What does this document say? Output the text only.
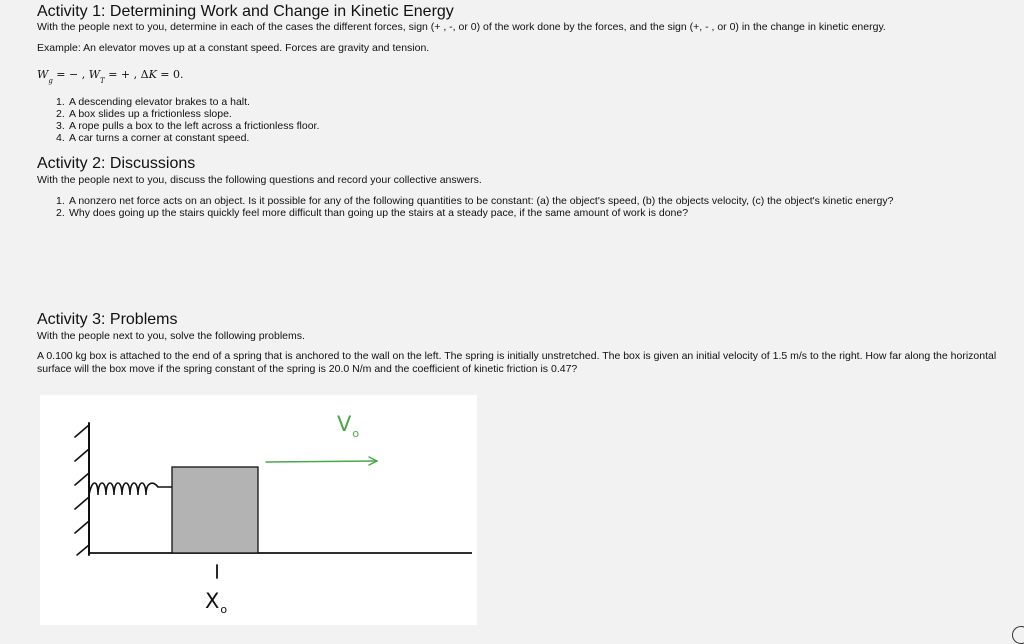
Activity 1: Determining Work and Change in Kinetic Energy

With the people next to you, determine in each of the cases the different forces, sign (+ , -, or 0) of the work done by the forces, and the sign (+, - , or 0) in the change in kinetic energy.

Example: An elevator moves up at a constant speed. Forces are gravity and tension.

$W_g$ = − , $W_T$ = + , ΔK = 0.
1. A descending elevator brakes to a halt.
2. A box slides up a frictionless slope.
3. A rope pulls a box to the left across a frictionless floor.
4. A car turns a corner at constant speed.
Activity 2: Discussions

With the people next to you, discuss the following questions and record your collective answers.

1. A nonzero net force acts on an object. Is it possible for any of the following quantities to be constant: (a) the object's speed, (b) the objects velocity, (c) the object's kinetic energy?
2. Why does going up the stairs quickly feel more difficult than going up the stairs at a steady pace, if the same amount of work is done?
Activity 3: Problems

With the people next to you, solve the following problems.

A 0.100 kg box is attached to the end of a spring that is anchored to the wall on the left. The spring is initially unstretched. The box is given an initial velocity of 1.5 m/s to the right. How far along the horizontal surface will the box move if the spring constant of the spring is 20.0 N/m and the coefficient of kinetic friction is 0.47?

$V_o$
$X_o$
